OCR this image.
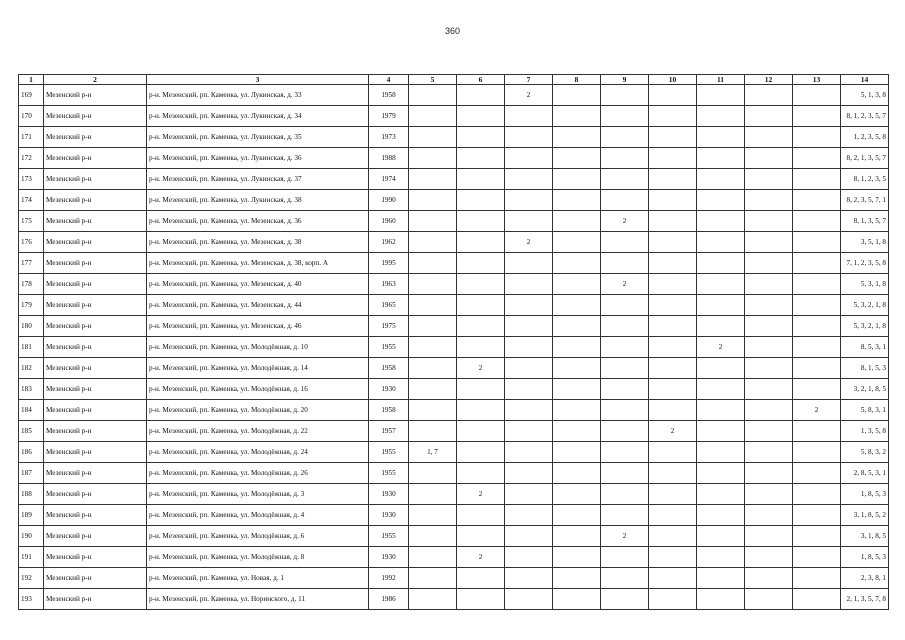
360
1	2	3	4	5	6	7	8	9	10	11	12	13	14
169	Мезенский р-н	р-н. Мезенский, рп. Каменка, ул. Лукинская, д. 33	1958			2							5, 1, 3, 8
170	Мезенский р-н	р-н. Мезенский, рп. Каменка, ул. Лукинская, д. 34	1979										8, 1, 2, 3, 5, 7
171	Мезенский р-н	р-н. Мезенский, рп. Каменка, ул. Лукинская, д. 35	1973										1, 2, 3, 5, 8
172	Мезенский р-н	р-н. Мезенский, рп. Каменка, ул. Лукинская, д. 36	1988										8, 2, 1, 3, 5, 7
173	Мезенский р-н	р-н. Мезенский, рп. Каменка, ул. Лукинская, д. 37	1974										8, 1, 2, 3, 5
174	Мезенский р-н	р-н. Мезенский, рп. Каменка, ул. Лукинская, д. 38	1990										8, 2, 3, 5, 7, 1
175	Мезенский р-н	р-н. Мезенский, рп. Каменка, ул. Мезенская, д. 36	1960					2					8, 1, 3, 5, 7
176	Мезенский р-н	р-н. Мезенский, рп. Каменка, ул. Мезенская, д. 38	1962			2							3, 5, 1, 8
177	Мезенский р-н	р-н. Мезенский, рп. Каменка, ул. Мезенская, д. 38, корп. А	1995										7, 1, 2, 3, 5, 8
178	Мезенский р-н	р-н. Мезенский, рп. Каменка, ул. Мезенская, д. 40	1963					2					5, 3, 1, 8
179	Мезенский р-н	р-н. Мезенский, рп. Каменка, ул. Мезенская, д. 44	1965										5, 3, 2, 1, 8
180	Мезенский р-н	р-н. Мезенский, рп. Каменка, ул. Мезенская, д. 46	1975										5, 3, 2, 1, 8
181	Мезенский р-н	р-н. Мезенский, рп. Каменка, ул. Молодёжная, д. 10	1955							2			8, 5, 3, 1
182	Мезенский р-н	р-н. Мезенский, рп. Каменка, ул. Молодёжная, д. 14	1958		2								8, 1, 5, 3
183	Мезенский р-н	р-н. Мезенский, рп. Каменка, ул. Молодёжная, д. 16	1930										3, 2, 1, 8, 5
184	Мезенский р-н	р-н. Мезенский, рп. Каменка, ул. Молодёжная, д. 20	1958									2	5, 8, 3, 1
185	Мезенский р-н	р-н. Мезенский, рп. Каменка, ул. Молодёжная, д. 22	1957						2				1, 3, 5, 8
186	Мезенский р-н	р-н. Мезенский, рп. Каменка, ул. Молодёжная, д. 24	1955	1, 7									5, 8, 3, 2
187	Мезенский р-н	р-н. Мезенский, рп. Каменка, ул. Молодёжная, д. 26	1955										2, 8, 5, 3, 1
188	Мезенский р-н	р-н. Мезенский, рп. Каменка, ул. Молодёжная, д. 3	1930		2								1, 8, 5, 3
189	Мезенский р-н	р-н. Мезенский, рп. Каменка, ул. Молодёжная, д. 4	1930										3, 1, 8, 5, 2
190	Мезенский р-н	р-н. Мезенский, рп. Каменка, ул. Молодёжная, д. 6	1955					2					3, 1, 8, 5
191	Мезенский р-н	р-н. Мезенский, рп. Каменка, ул. Молодёжная, д. 8	1930		2								1, 8, 5, 3
192	Мезенский р-н	р-н. Мезенский, рп. Каменка, ул. Новая, д. 1	1992										2, 3, 8, 1
193	Мезенский р-н	р-н. Мезенский, рп. Каменка, ул. Норинского, д. 11	1986										2, 1, 3, 5, 7, 8
